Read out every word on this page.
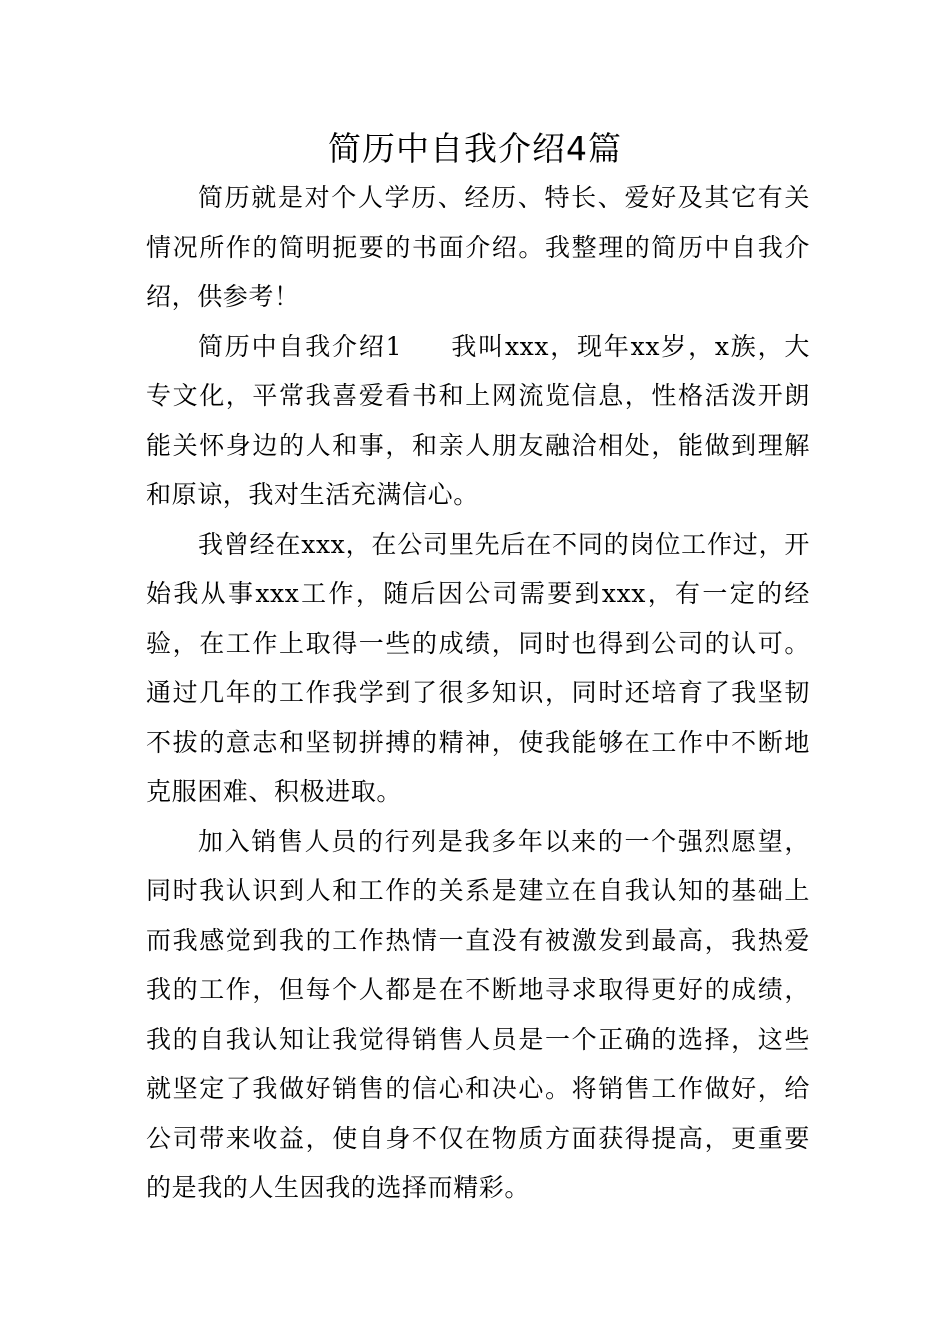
简历中自我介绍4篇

简历就是对个人学历、经历、特长、爱好及其它有关情况所作的简明扼要的书面介绍。我整理的简历中自我介绍，供参考！

简历中自我介绍1 我叫xxx，现年xx岁，x族，大专文化，平常我喜爱看书和上网流览信息，性格活泼开朗能关怀身边的人和事，和亲人朋友融洽相处，能做到理解和原谅，我对生活充满信心。

我曾经在xxx，在公司里先后在不同的岗位工作过，开始我从事xxx工作，随后因公司需要到xxx，有一定的经验，在工作上取得一些的成绩，同时也得到公司的认可。通过几年的工作我学到了很多知识，同时还培育了我坚韧不拔的意志和坚韧拼搏的精神，使我能够在工作中不断地克服困难、积极进取。

加入销售人员的行列是我多年以来的一个强烈愿望，同时我认识到人和工作的关系是建立在自我认知的基础上而我感觉到我的工作热情一直没有被激发到最高，我热爱我的工作，但每个人都是在不断地寻求取得更好的成绩，我的自我认知让我觉得销售人员是一个正确的选择，这些就坚定了我做好销售的信心和决心。将销售工作做好，给公司带来收益，使自身不仅在物质方面获得提高，更重要的是我的人生因我的选择而精彩。
